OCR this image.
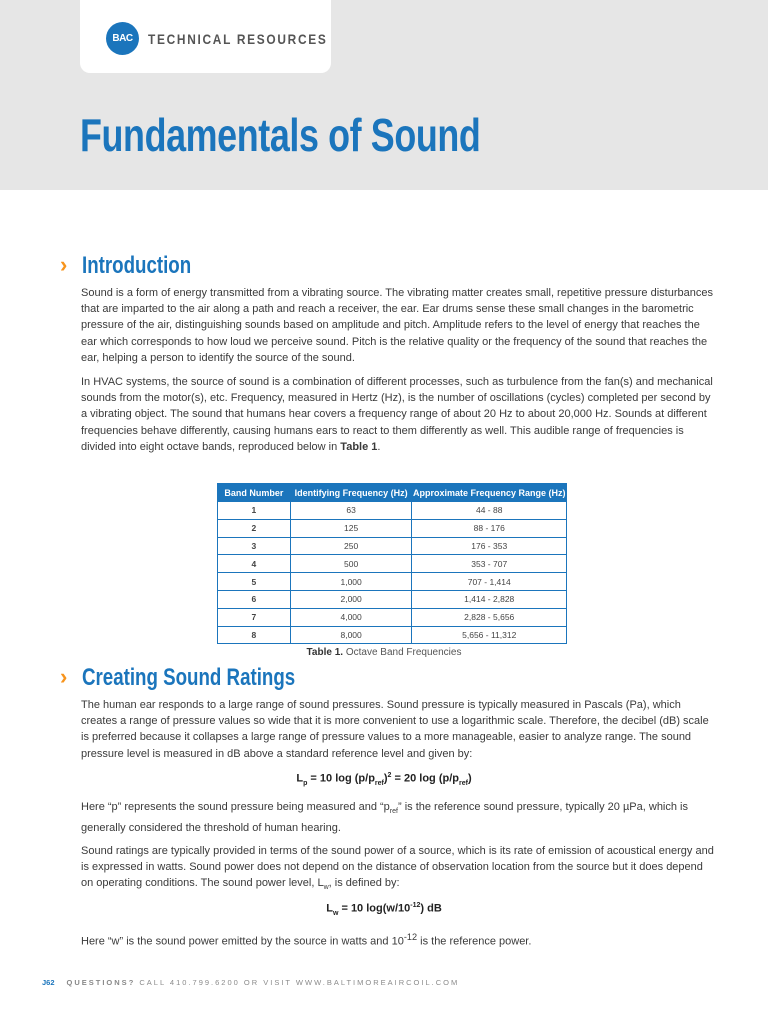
BAC	TECHNICAL RESOURCES
Fundamentals of Sound
› Introduction

Sound is a form of energy transmitted from a vibrating source. The vibrating matter creates small, repetitive pressure disturbances that are imparted to the air along a path and reach a receiver, the ear. Ear drums sense these small changes in the barometric pressure of the air, distinguishing sounds based on amplitude and pitch. Amplitude refers to the level of energy that reaches the ear which corresponds to how loud we perceive sound. Pitch is the relative quality or the frequency of the sound that reaches the ear, helping a person to identify the source of the sound.

In HVAC systems, the source of sound is a combination of different processes, such as turbulence from the fan(s) and mechanical sounds from the motor(s), etc. Frequency, measured in Hertz (Hz), is the number of oscillations (cycles) completed per second by a vibrating object. The sound that humans hear covers a frequency range of about 20 Hz to about 20,000 Hz. Sounds at different frequencies behave differently, causing humans ears to react to them differently as well. This audible range of frequencies is divided into eight octave bands, reproduced below in Table 1.

Band Number	Identifying Frequency (Hz)	Approximate Frequency Range (Hz)
1	63	44 - 88
2	125	88 - 176
3	250	176 - 353
4	500	353 - 707
5	1,000	707 - 1,414
6	2,000	1,414 - 2,828
7	4,000	2,828 - 5,656
8	8,000	5,656 - 11,312
Table 1. Octave Band Frequencies
› Creating Sound Ratings

The human ear responds to a large range of sound pressures. Sound pressure is typically measured in Pascals (Pa), which creates a range of pressure values so wide that it is more convenient to use a logarithmic scale. Therefore, the decibel (dB) scale is preferred because it collapses a large range of pressure values to a more manageable, easier to analyze range. The sound pressure level is measured in dB above a standard reference level and given by:

$L_p = 10$ $\log (p/p_{ref})^2 = 20$ $\log (p/p_{ref})$

Here “p” represents the sound pressure being measured and “$p_{ref}$” is the reference sound pressure, typically 20 µPa, which is generally considered the threshold of human hearing.

Sound ratings are typically provided in terms of the sound power of a source, which is its rate of emission of acoustical energy and is expressed in watts. Sound power does not depend on the distance of observation location from the source but it does depend on operating conditions. The sound power level, $L_w$, is defined by:

$L_w = 10$ $\log(w/10^{-12})$ dB

Here “w” is the sound power emitted by the source in watts and $10^{-12}$ is the reference power.

J62 QUESTIONS? CALL 410.799.6200 OR VISIT WWW.BALTIMOREAIRCOIL.COM
